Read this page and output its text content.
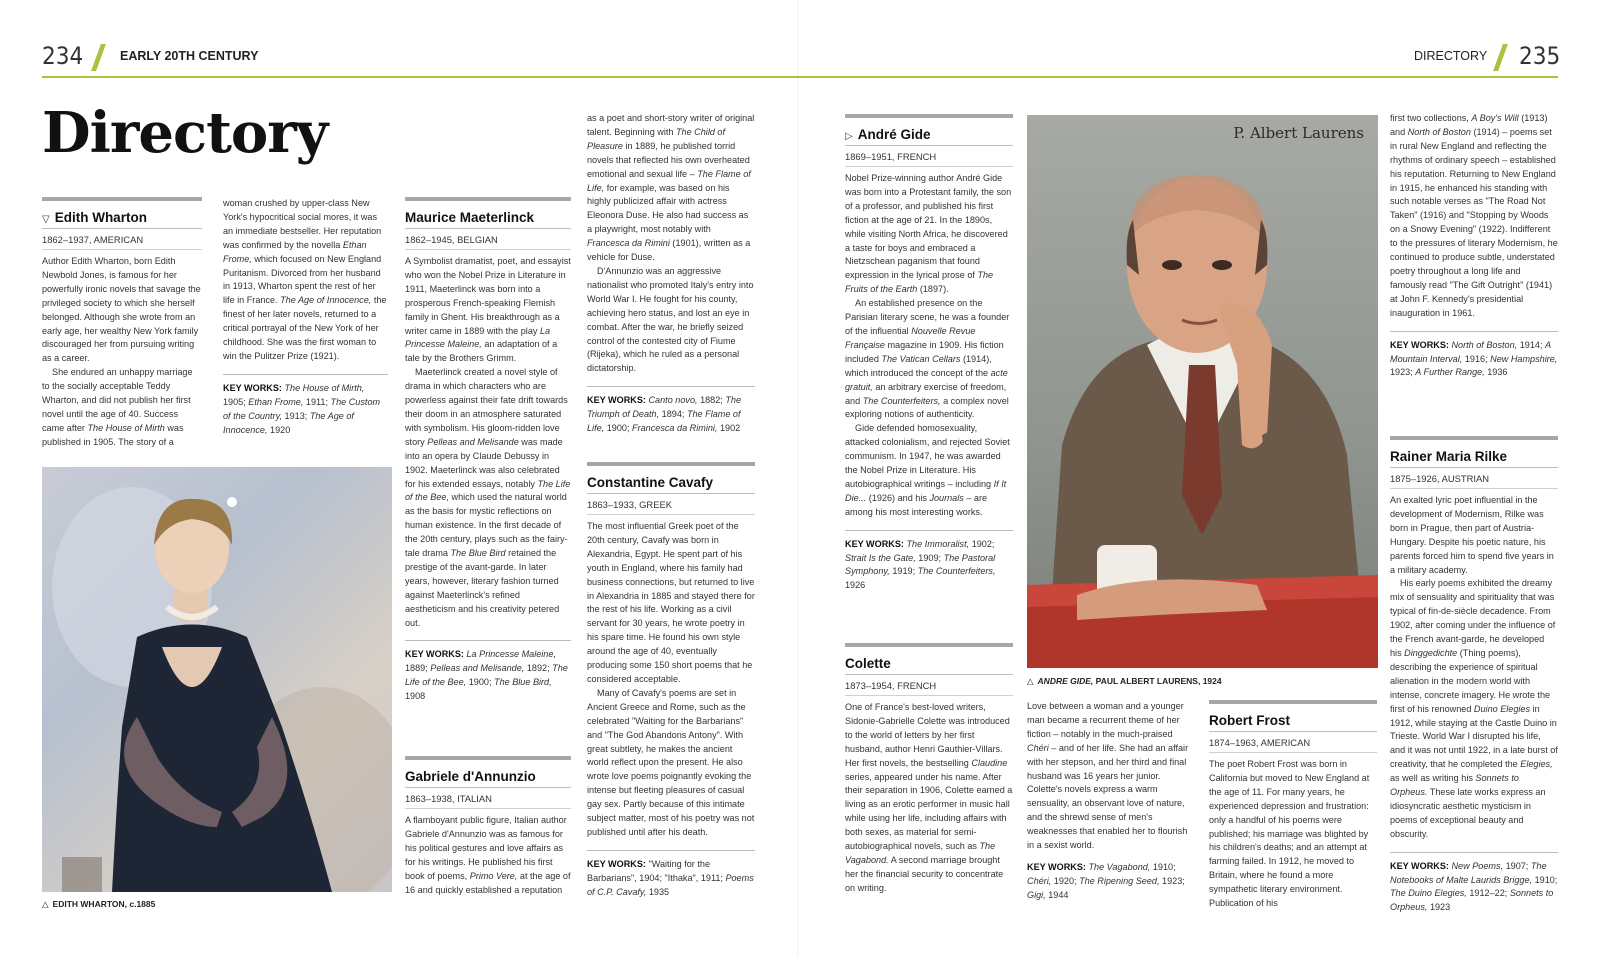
234	EARLY 20TH CENTURY	DIRECTORY 235
Directory
▽ Edith Wharton
1862–1937, AMERICAN

Author Edith Wharton, born Edith Newbold Jones, is famous for her powerfully ironic novels that savage the privileged society to which she herself belonged. Although she wrote from an early age, her wealthy New York family discouraged her from pursuing writing as a career.

She endured an unhappy marriage to the socially acceptable Teddy Wharton, and did not publish her first novel until the age of 40. Success came after The House of Mirth was published in 1905. The story of a

woman crushed by upper-class New York's hypocritical social mores, it was an immediate bestseller. Her reputation was confirmed by the novella Ethan Frome, which focused on New England Puritanism. Divorced from her husband in 1913, Wharton spent the rest of her life in France. The Age of Innocence, the finest of her later novels, returned to a critical portrayal of the New York of her childhood. She was the first woman to win the Pulitzer Prize (1921).

KEY WORKS: The House of Mirth, 1905; Ethan Frome, 1911; The Custom of the Country, 1913; The Age of Innocence, 1920
△ EDITH WHARTON, c.1885
Maurice Maeterlinck
1862–1945, BELGIAN

A Symbolist dramatist, poet, and essayist who won the Nobel Prize in Literature in 1911, Maeterlinck was born into a prosperous French-speaking Flemish family in Ghent. His breakthrough as a writer came in 1889 with the play La Princesse Maleine, an adaptation of a tale by the Brothers Grimm.

Maeterlinck created a novel style of drama in which characters who are powerless against their fate drift towards their doom in an atmosphere saturated with symbolism. His gloom-ridden love story Pelleas and Melisande was made into an opera by Claude Debussy in 1902. Maeterlinck was also celebrated for his extended essays, notably The Life of the Bee, which used the natural world as the basis for mystic reflections on human existence. In the first decade of the 20th century, plays such as the fairy-tale drama The Blue Bird retained the prestige of the avant-garde. In later years, however, literary fashion turned against Maeterlinck's refined aestheticism and his creativity petered out.

KEY WORKS: La Princesse Maleine, 1889; Pelleas and Melisande, 1892; The Life of the Bee, 1900; The Blue Bird, 1908
Gabriele d'Annunzio
1863–1938, ITALIAN

A flamboyant public figure, Italian author Gabriele d'Annunzio was as famous for his political gestures and love affairs as for his writings. He published his first book of poems, Primo Vere, at the age of 16 and quickly established a reputation

as a poet and short-story writer of original talent. Beginning with The Child of Pleasure in 1889, he published torrid novels that reflected his own overheated emotional and sexual life – The Flame of Life, for example, was based on his highly publicized affair with actress Eleonora Duse. He also had success as a playwright, most notably with Francesca da Rimini (1901), written as a vehicle for Duse.

D'Annunzio was an aggressive nationalist who promoted Italy's entry into World War I. He fought for his county, achieving hero status, and lost an eye in combat. After the war, he briefly seized control of the contested city of Fiume (Rijeka), which he ruled as a personal dictatorship.

KEY WORKS: Canto novo, 1882; The Triumph of Death, 1894; The Flame of Life, 1900; Francesca da Rimini, 1902
Constantine Cavafy
1863–1933, GREEK

The most influential Greek poet of the 20th century, Cavafy was born in Alexandria, Egypt. He spent part of his youth in England, where his family had business connections, but returned to live in Alexandria in 1885 and stayed there for the rest of his life. Working as a civil servant for 30 years, he wrote poetry in his spare time. He found his own style around the age of 40, eventually producing some 150 short poems that he considered acceptable.

Many of Cavafy's poems are set in Ancient Greece and Rome, such as the celebrated "Waiting for the Barbarians" and "The God Abandons Antony". With great subtlety, he makes the ancient world reflect upon the present. He also wrote love poems poignantly evoking the intense but fleeting pleasures of casual gay sex. Partly because of this intimate subject matter, most of his poetry was not published until after his death.

KEY WORKS: "Waiting for the Barbarians", 1904; "Ithaka", 1911; Poems of C.P. Cavafy, 1935
▷ André Gide
1869–1951, FRENCH

Nobel Prize-winning author André Gide was born into a Protestant family, the son of a professor, and published his first fiction at the age of 21. In the 1890s, while visiting North Africa, he discovered a taste for boys and embraced a Nietzschean paganism that found expression in the lyrical prose of The Fruits of the Earth (1897).

An established presence on the Parisian literary scene, he was a founder of the influential Nouvelle Revue Française magazine in 1909. His fiction included The Vatican Cellars (1914), which introduced the concept of the acte gratuit, an arbitrary exercise of freedom, and The Counterfeiters, a complex novel exploring notions of authenticity.

Gide defended homosexuality, attacked colonialism, and rejected Soviet communism. In 1947, he was awarded the Nobel Prize in Literature. His autobiographical writings – including If It Die... (1926) and his Journals – are among his most interesting works.

KEY WORKS: The Immoralist, 1902; Strait Is the Gate, 1909; The Pastoral Symphony, 1919; The Counterfeiters, 1926
Colette
1873–1954, FRENCH

One of France's best-loved writers, Sidonie-Gabrielle Colette was introduced to the world of letters by her first husband, author Henri Gauthier-Villars. Her first novels, the bestselling Claudine series, appeared under his name. After their separation in 1906, Colette earned a living as an erotic performer in music hall while using her life, including affairs with both sexes, as material for semi-autobiographical novels, such as The Vagabond. A second marriage brought her the financial security to concentrate on writing.

Love between a woman and a younger man became a recurrent theme of her fiction – notably in the much-praised Chéri – and of her life. She had an affair with her stepson, and her third and final husband was 16 years her junior. Colette's novels express a warm sensuality, an observant love of nature, and the shrewd sense of men's weaknesses that enabled her to flourish in a sexist world.

KEY WORKS: The Vagabond, 1910; Chéri, 1920; The Ripening Seed, 1923; Gigi, 1944
P. Albert Laurens
△ ANDRE GIDE, PAUL ALBERT LAURENS, 1924
Robert Frost
1874–1963, AMERICAN

The poet Robert Frost was born in California but moved to New England at the age of 11. For many years, he experienced depression and frustration: only a handful of his poems were published; his marriage was blighted by his children's deaths; and an attempt at farming failed. In 1912, he moved to Britain, where he found a more sympathetic literary environment. Publication of his

first two collections, A Boy's Will (1913) and North of Boston (1914) – poems set in rural New England and reflecting the rhythms of ordinary speech – established his reputation. Returning to New England in 1915, he enhanced his standing with such notable verses as "The Road Not Taken" (1916) and "Stopping by Woods on a Snowy Evening" (1922). Indifferent to the pressures of literary Modernism, he continued to produce subtle, understated poetry throughout a long life and famously read "The Gift Outright" (1941) at John F. Kennedy's presidential inauguration in 1961.

KEY WORKS: North of Boston, 1914; A Mountain Interval, 1916; New Hampshire, 1923; A Further Range, 1936
Rainer Maria Rilke
1875–1926, AUSTRIAN

An exalted lyric poet influential in the development of Modernism, Rilke was born in Prague, then part of Austria-Hungary. Despite his poetic nature, his parents forced him to spend five years in a military academy.

His early poems exhibited the dreamy mix of sensuality and spirituality that was typical of fin-de-siècle decadence. From 1902, after coming under the influence of the French avant-garde, he developed his Dinggedichte (Thing poems), describing the experience of spiritual alienation in the modern world with intense, concrete imagery. He wrote the first of his renowned Duino Elegies in 1912, while staying at the Castle Duino in Trieste. World War I disrupted his life, and it was not until 1922, in a late burst of creativity, that he completed the Elegies, as well as writing his Sonnets to Orpheus. These late works express an idiosyncratic aesthetic mysticism in poems of exceptional beauty and obscurity.

KEY WORKS: New Poems, 1907; The Notebooks of Malte Laurids Brigge, 1910; The Duino Elegies, 1912–22; Sonnets to Orpheus, 1923
